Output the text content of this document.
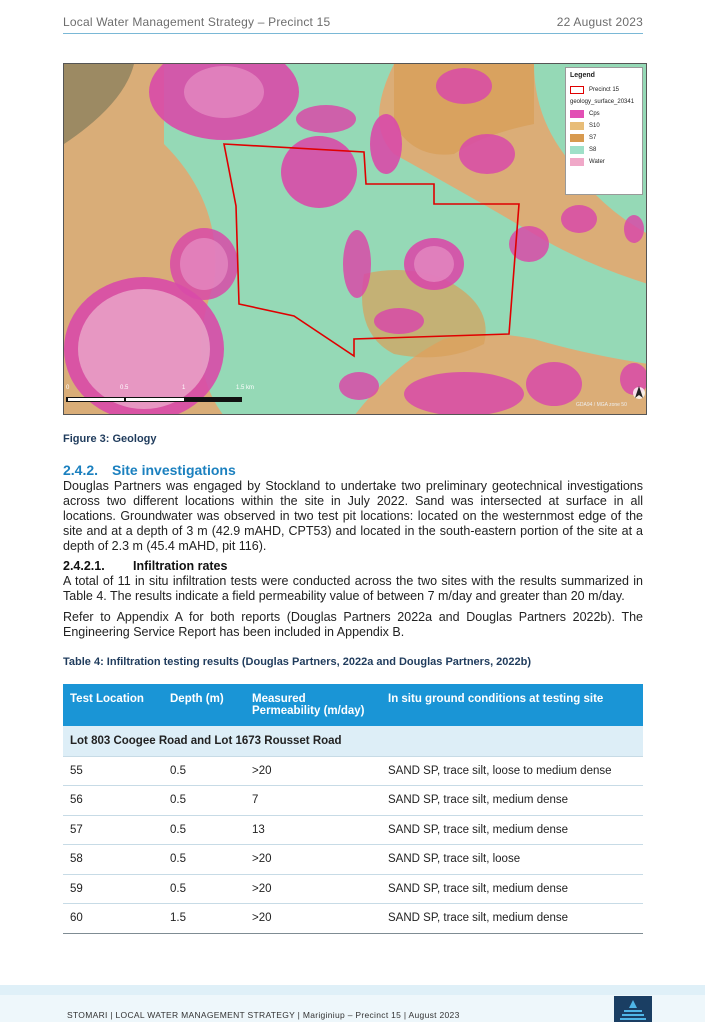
Local Water Management Strategy – Precinct 15	22 August 2023
0	0.5	1	1.5 km
GDA94 / MGA zone 50
Legend
Precinct 15
geology_surface_20341
Cps
S10
S7
S8
Water
Figure 3: Geology
2.4.2. Site investigations
Douglas Partners was engaged by Stockland to undertake two preliminary geotechnical investigations across two different locations within the site in July 2022. Sand was intersected at surface in all locations. Groundwater was observed in two test pit locations: located on the westernmost edge of the site and at a depth of 3 m (42.9 mAHD, CPT53) and located in the south-eastern portion of the site at a depth of 2.3 m (45.4 mAHD, pit 116).
2.4.2.1. Infiltration rates
A total of 11 in situ infiltration tests were conducted across the two sites with the results summarized in Table 4. The results indicate a field permeability value of between 7 m/day and greater than 20 m/day.
Refer to Appendix A for both reports (Douglas Partners 2022a and Douglas Partners 2022b). The Engineering Service Report has been included in Appendix B.
Table 4: Infiltration testing results (Douglas Partners, 2022a and Douglas Partners, 2022b)
Test Location	Depth (m)	Measured Permeability (m/day)	In situ ground conditions at testing site
Lot 803 Coogee Road and Lot 1673 Rousset Road			
55	0.5	>20	SAND SP, trace silt, loose to medium dense
56	0.5	7	SAND SP, trace silt, medium dense
57	0.5	13	SAND SP, trace silt, medium dense
58	0.5	>20	SAND SP, trace silt, loose
59	0.5	>20	SAND SP, trace silt, medium dense
60	1.5	>20	SAND SP, trace silt, medium dense
STOMARI | LOCAL WATER MANAGEMENT STRATEGY | Mariginiup – Precinct 15 | August 2023
